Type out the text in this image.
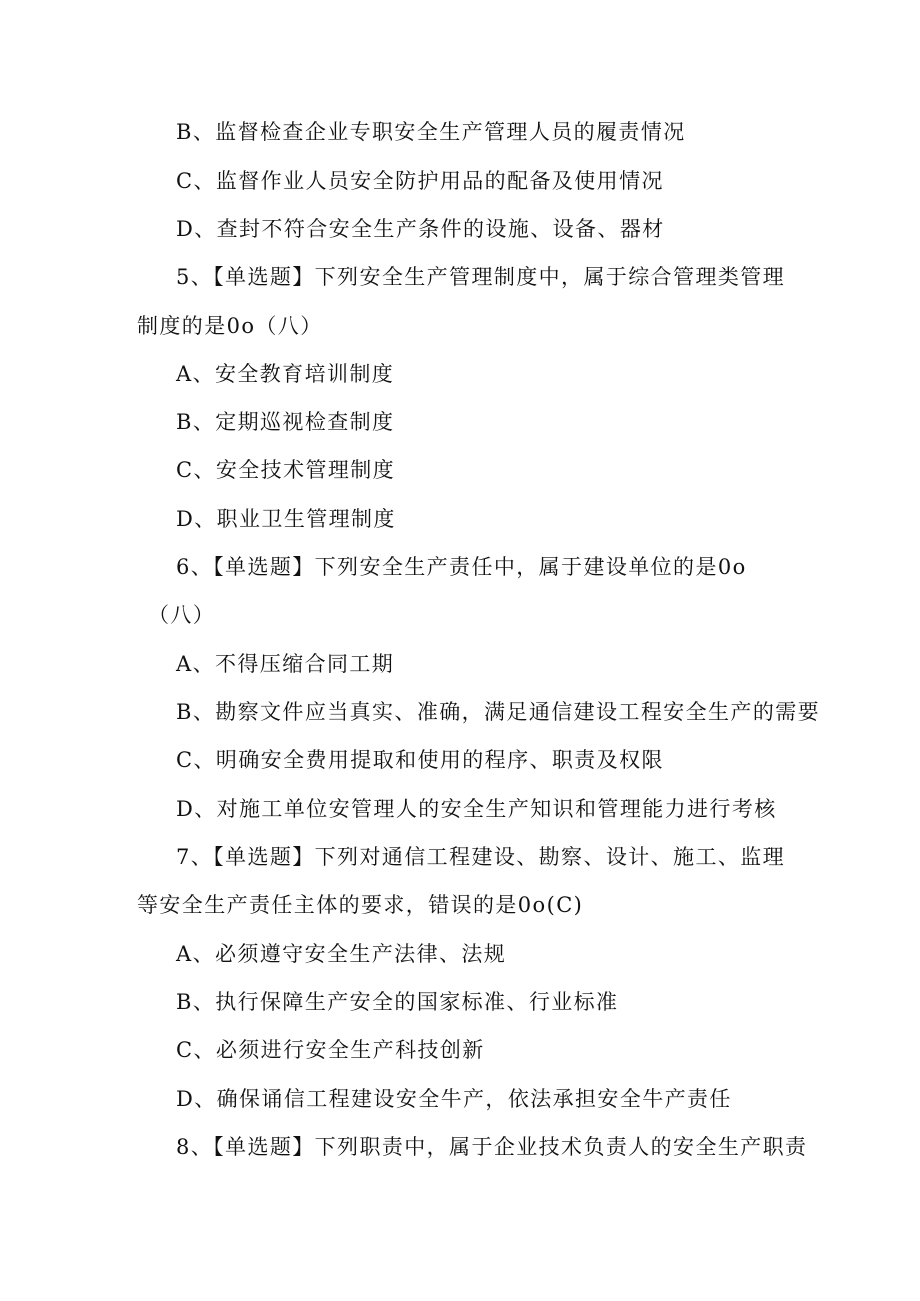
B、监督检查企业专职安全生产管理人员的履责情况
C、监督作业人员安全防护用品的配备及使用情况
D、查封不符合安全生产条件的设施、设备、器材
5、【单选题】下列安全生产管理制度中，属于综合管理类管理
制度的是0o（八）
A、安全教育培训制度
B、定期巡视检查制度
C、安全技术管理制度
D、职业卫生管理制度
6、【单选题】下列安全生产责任中，属于建设单位的是0o
（八）
A、不得压缩合同工期
B、勘察文件应当真实、准确，满足通信建设工程安全生产的需要
C、明确安全费用提取和使用的程序、职责及权限
D、对施工单位安管理人的安全生产知识和管理能力进行考核
7、【单选题】下列对通信工程建设、勘察、设计、施工、监理
等安全生产责任主体的要求，错误的是0o(C)
A、必须遵守安全生产法律、法规
B、执行保障生产安全的国家标准、行业标准
C、必须进行安全生产科技创新
D、确保诵信工程建设安全牛产，依法承担安全牛产责任
8、【单选题】下列职责中，属于企业技术负责人的安全生产职责
